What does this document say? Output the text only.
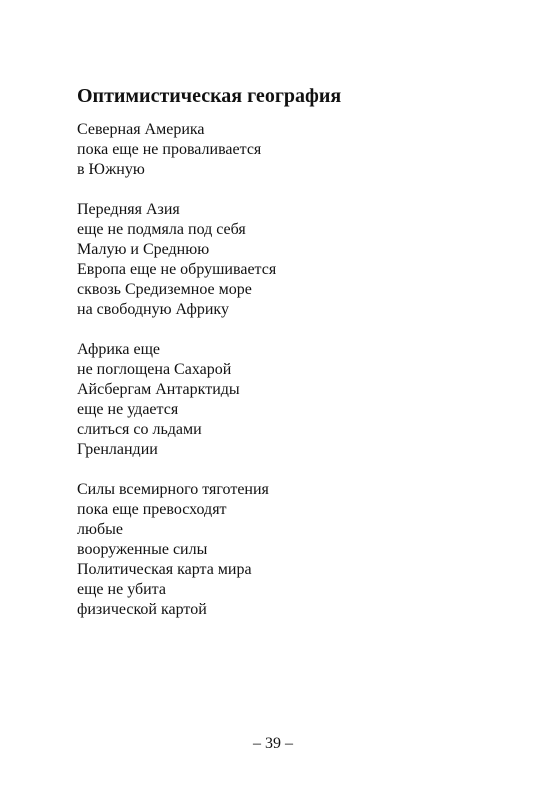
Оптимистическая география
Северная Америка
пока еще не проваливается
в Южную
Передняя Азия
еще не подмяла под себя
Малую и Среднюю
Европа еще не обрушивается
сквозь Средиземное море
на свободную Африку
Африка еще
не поглощена Сахарой
Айсбергам Антарктиды
еще не удается
слиться со льдами
Гренландии
Силы всемирного тяготения
пока еще превосходят
любые
вооруженные силы
Политическая карта мира
еще не убита
физической картой
– 39 –
